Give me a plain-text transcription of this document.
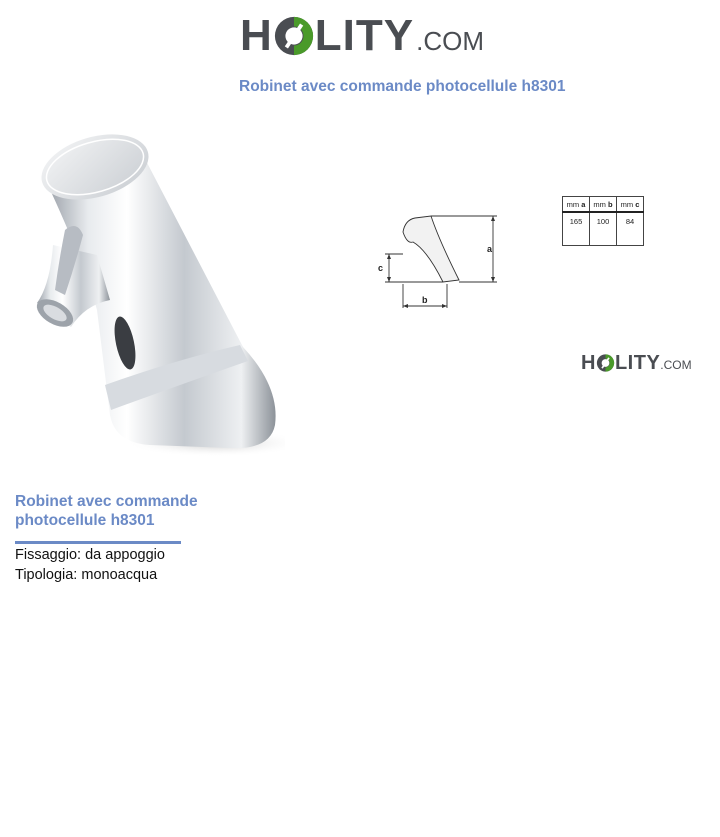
H LITY .COM
Robinet avec commande photocellule h8301
a
c
b
mm a	mm b	mm c
165	100	84
H LITY .COM
Robinet avec commande photocellule h8301
Fissaggio: da appoggio
Tipologia: monoacqua
